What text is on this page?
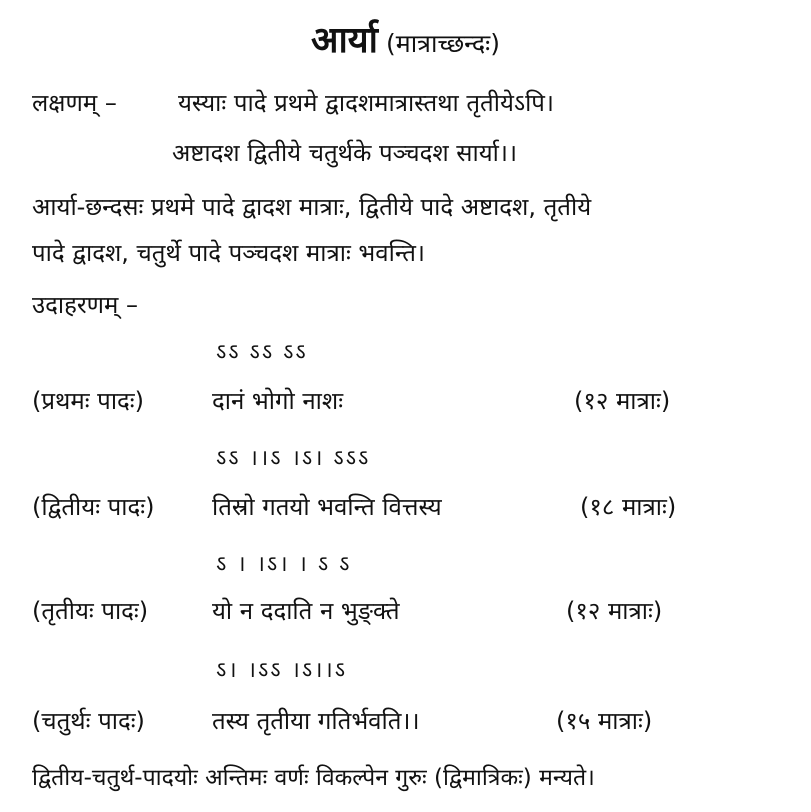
आर्या (मात्राच्छन्दः)
लक्षणम् –	यस्याः पादे प्रथमे द्वादशमात्रास्तथा तृतीयेऽपि।
अष्टादश द्वितीये चतुर्थके पञ्चदश सार्या।।
आर्या-छन्दसः प्रथमे पादे द्वादश मात्राः, द्वितीये पादे अष्टादश, तृतीये
पादे द्वादश, चतुर्थे पादे पञ्चदश मात्राः भवन्ति।
उदाहरणम् –
ऽऽ ऽऽ ऽऽ
(प्रथमः पादः)	दानं भोगो नाशः	(१२ मात्राः)
ऽऽ ।।ऽ ।ऽ। ऽऽऽ
(द्वितीयः पादः) तिस्रो गतयो भवन्ति वित्तस्य	(१८ मात्राः)
ऽ । ।ऽ। । ऽ ऽ
(तृतीयः पादः)	यो न ददाति न भुङ्क्ते	(१२ मात्राः)
ऽ। ।ऽऽ ।ऽ।।ऽ
(चतुर्थः पादः)	तस्य तृतीया गतिर्भवति।।	(१५ मात्राः)
द्वितीय-चतुर्थ-पादयोः अन्तिमः वर्णः विकल्पेन गुरुः (द्विमात्रिकः) मन्यते।
